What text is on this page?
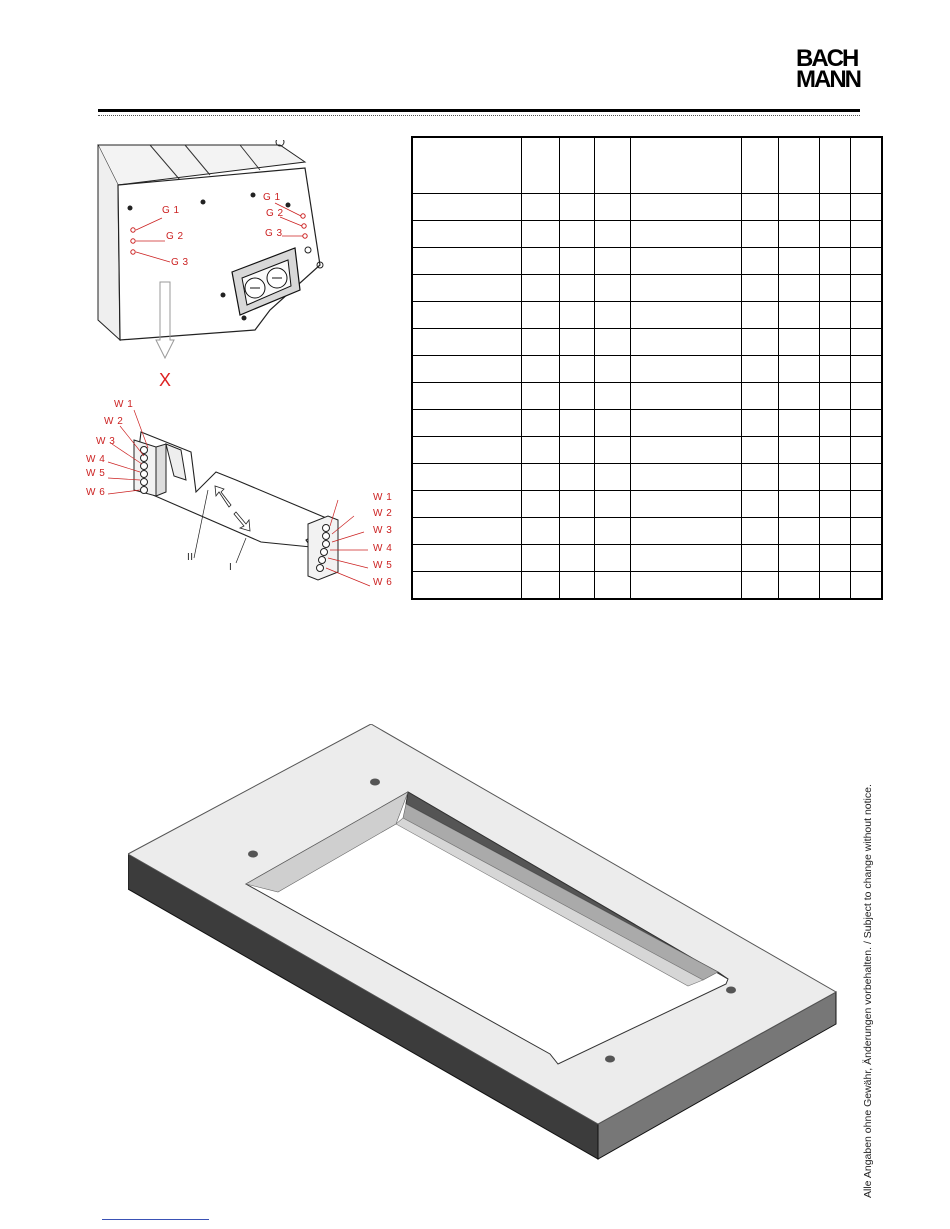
BACH
MANN
G 1
G 2
G 3
G 1
G 2
G 3
X
W 1
W 2
W 3
W 4
W 5
W 6	W 1
W 2
W 3
W 4
W 5
W 6
II
I

Alle Angaben ohne Gewähr, Änderungen vorbehalten. / Subject to change without notice.
